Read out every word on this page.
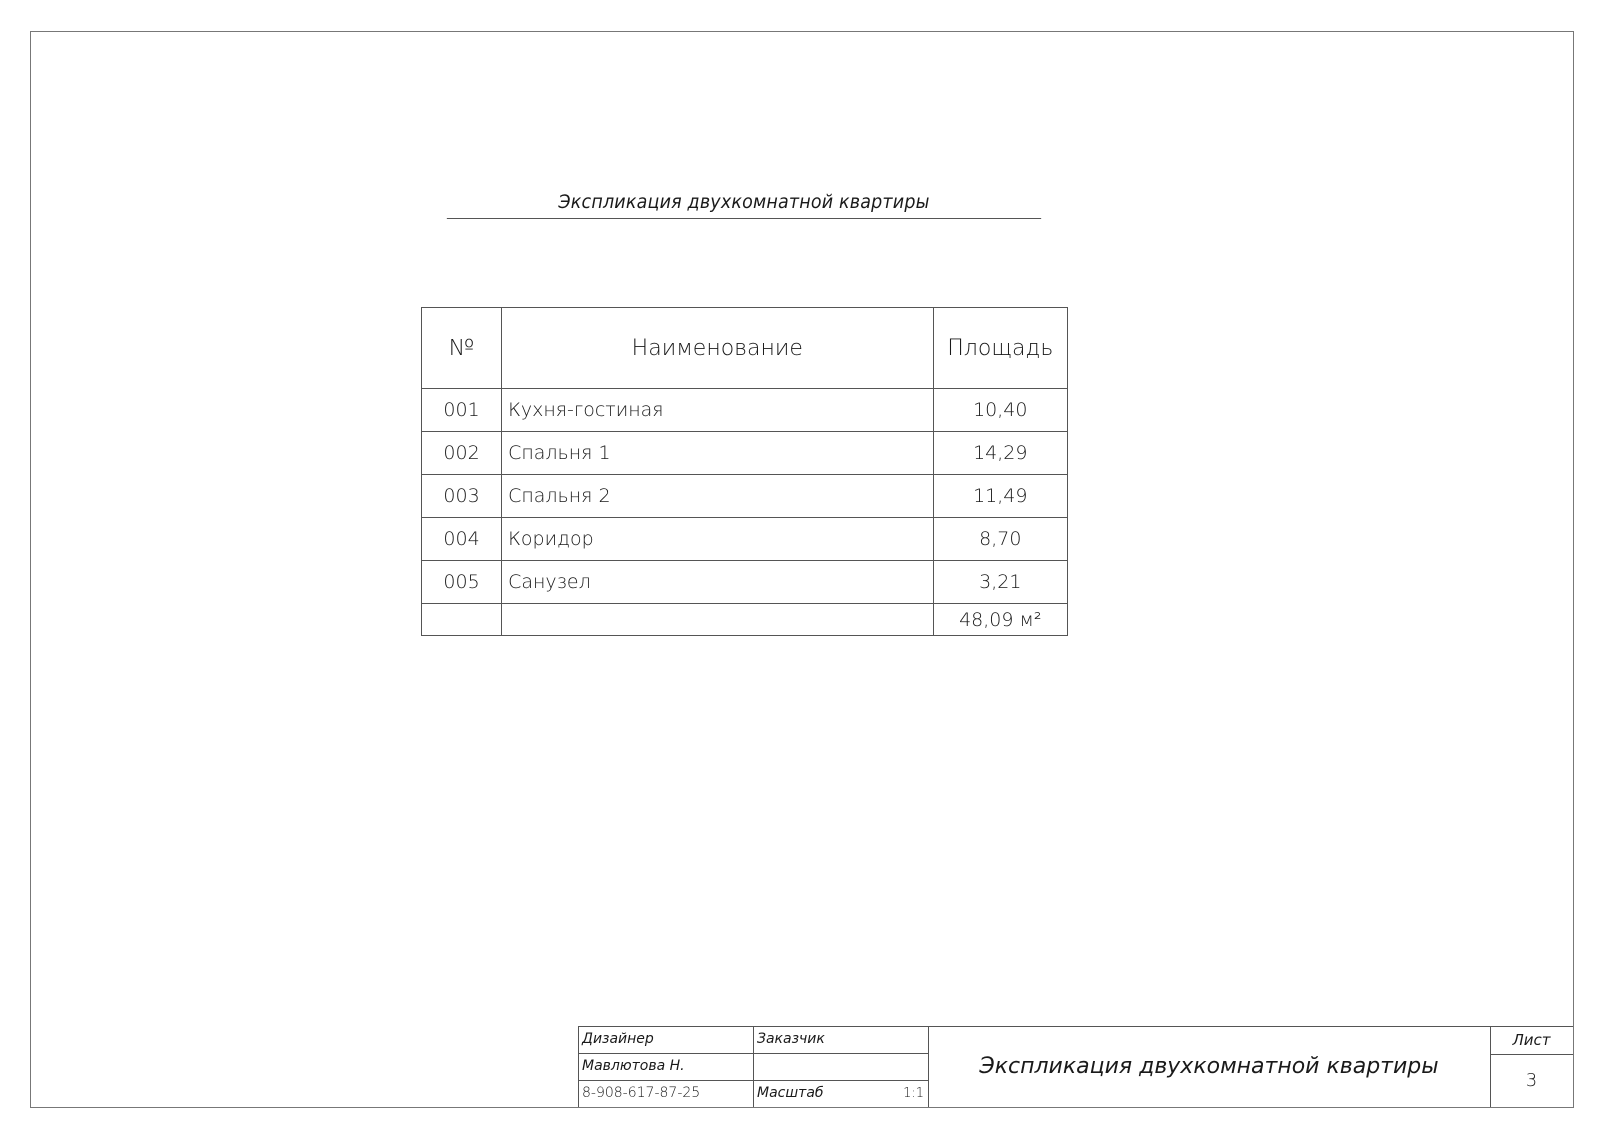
Экспликация двухкомнатной квартиры
№	Наименование	Площадь
001	Кухня-гостиная	10,40
002	Спальня 1	14,29
003	Спальня 2	11,49
004	Коридор	8,70
005	Санузел	3,21
		48,09 м²
Дизайнер
Мавлютова Н.
8-908-617-87-25
Заказчик
Масштаб	1:1
Экспликация двухкомнатной квартиры
Лист
3
